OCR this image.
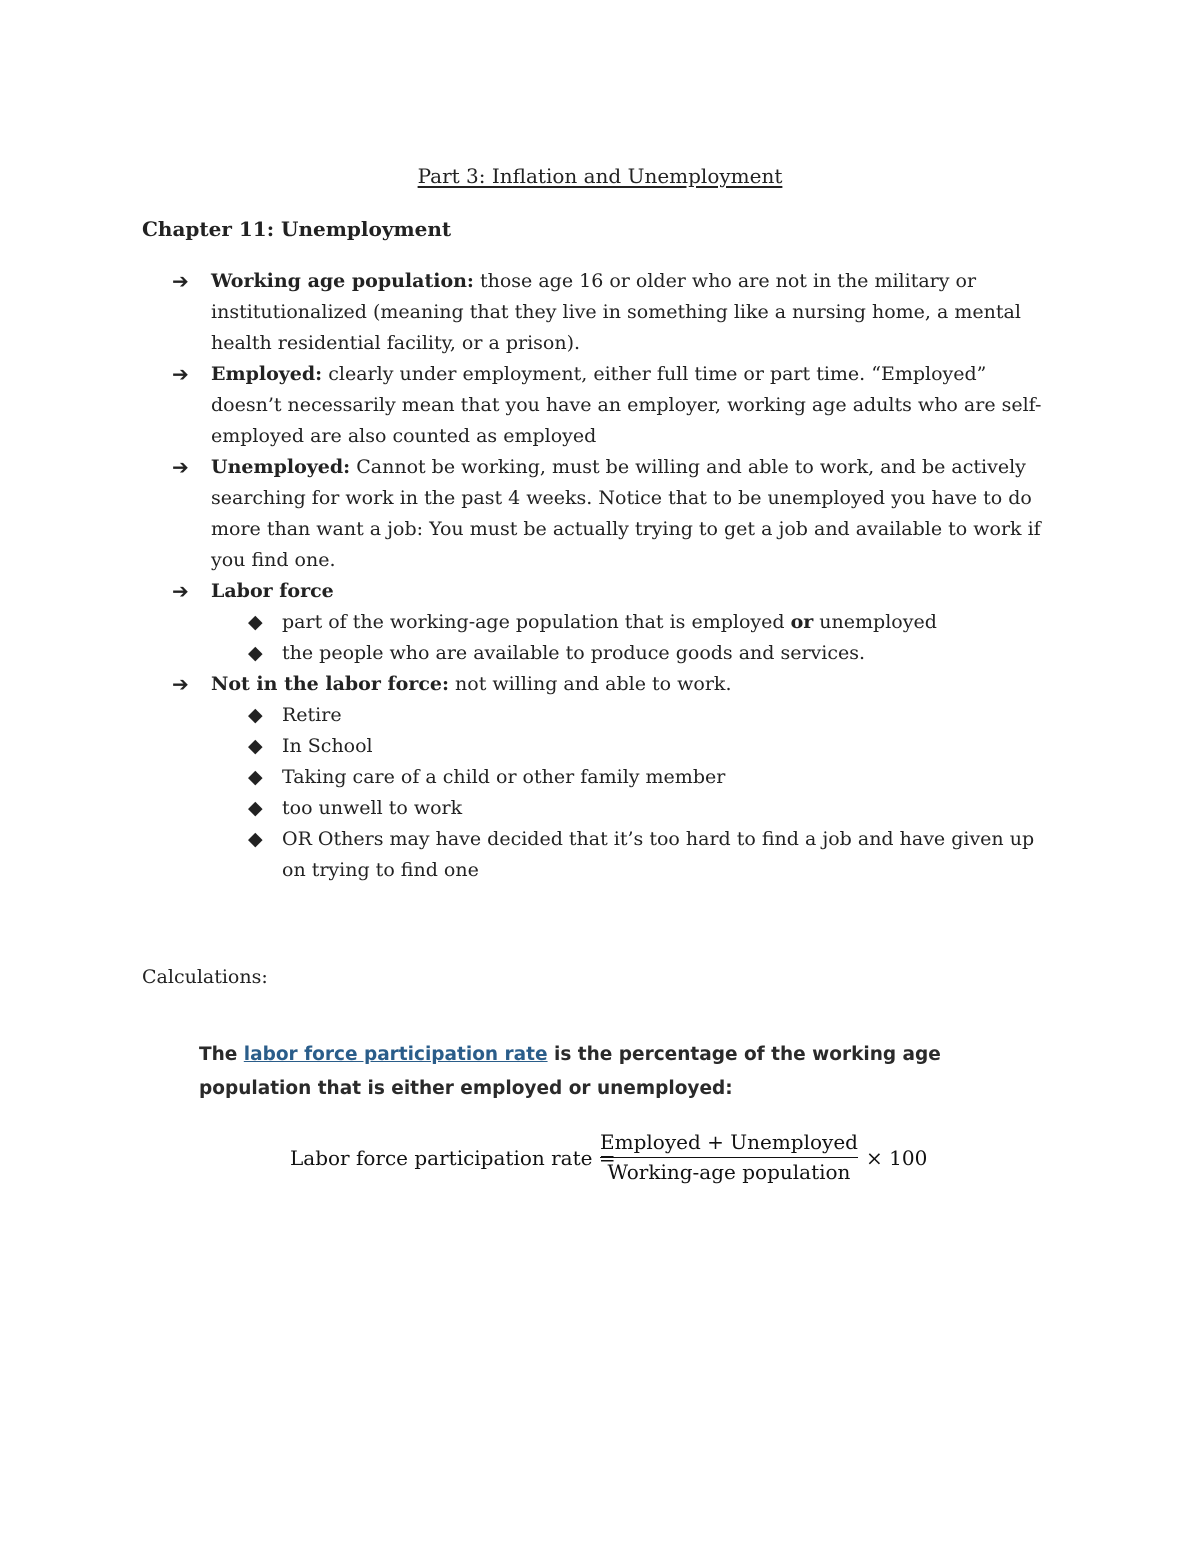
Part 3: Inflation and Unemployment
Chapter 11: Unemployment
➔	Working age population: those age 16 or older who are not in the military or institutionalized (meaning that they live in something like a nursing home, a mental health residential facility, or a prison).
➔	Employed: clearly under employment, either full time or part time. “Employed” doesn’t necessarily mean that you have an employer, working age adults who are self-employed are also counted as employed
➔	Unemployed: Cannot be working, must be willing and able to work, and be actively searching for work in the past 4 weeks. Notice that to be unemployed you have to do more than want a job: You must be actually trying to get a job and available to work if you find one.
➔	Labor force
◆ part of the working-age population that is employed or unemployed
◆ the people who are available to produce goods and services.
➔	Not in the labor force: not willing and able to work.
◆ Retire
◆ In School
◆ Taking care of a child or other family member
◆ too unwell to work
◆ OR Others may have decided that it’s too hard to find a job and have given up on trying to find one
Calculations:
The labor force participation rate is the percentage of the working age population that is either employed or unemployed:
Labor force participation rate =
Employed + Unemployed
Working-age population
× 100
